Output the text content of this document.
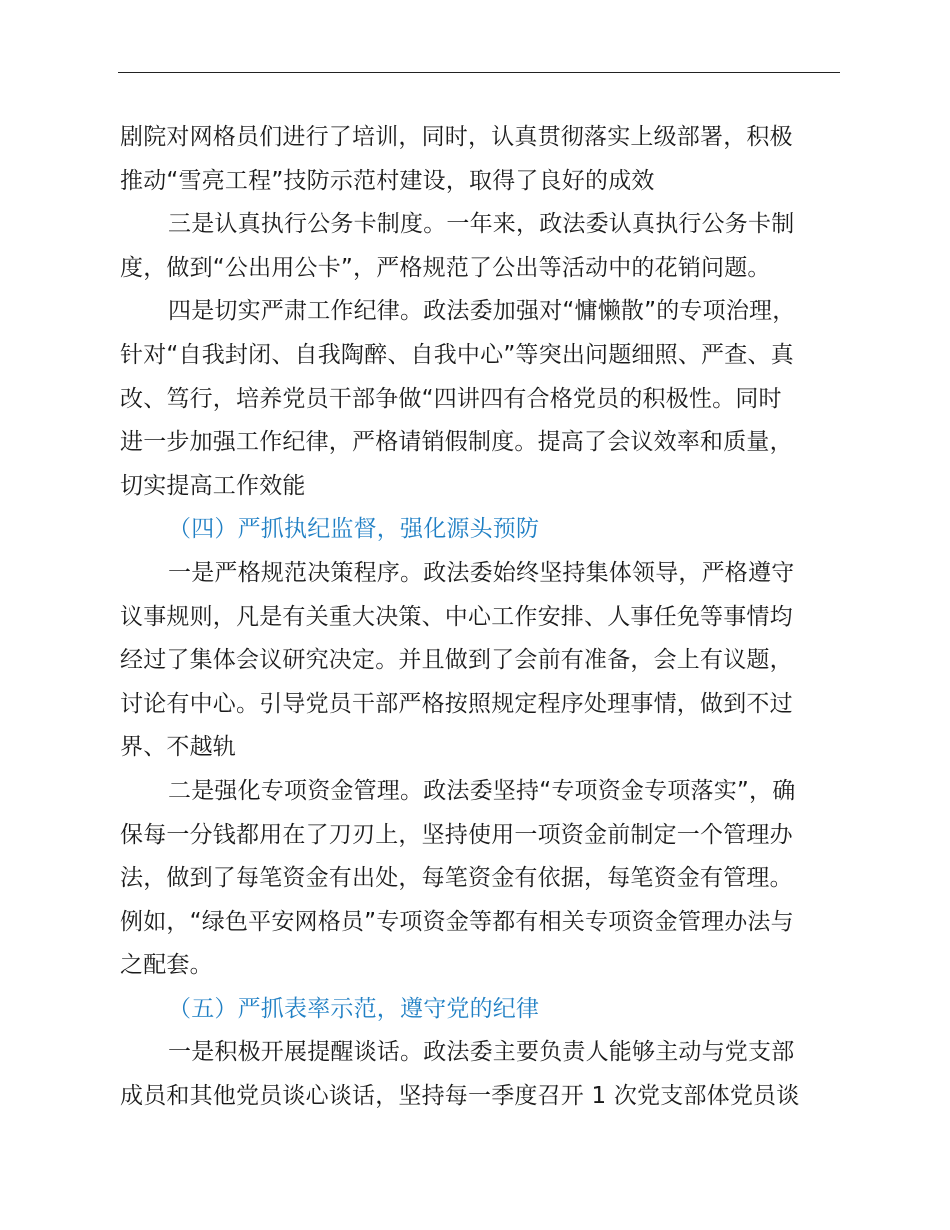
剧院对网格员们进行了培训，同时，认真贯彻落实上级部署，积极
推动“雪亮工程”技防示范村建设，取得了良好的成效
三是认真执行公务卡制度。一年来，政法委认真执行公务卡制
度，做到“公出用公卡”，严格规范了公出等活动中的花销问题。
四是切实严肃工作纪律。政法委加强对“慵懒散”的专项治理，
针对“自我封闭、自我陶醉、自我中心”等突出问题细照、严查、真
改、笃行，培养党员干部争做“四讲四有合格党员的积极性。同时
进一步加强工作纪律，严格请销假制度。提高了会议效率和质量，
切实提高工作效能
（四）严抓执纪监督，强化源头预防
一是严格规范决策程序。政法委始终坚持集体领导，严格遵守
议事规则，凡是有关重大决策、中心工作安排、人事任免等事情均
经过了集体会议研究决定。并且做到了会前有准备，会上有议题，
讨论有中心。引导党员干部严格按照规定程序处理事情，做到不过
界、不越轨
二是强化专项资金管理。政法委坚持“专项资金专项落实”，确
保每一分钱都用在了刀刃上，坚持使用一项资金前制定一个管理办
法，做到了每笔资金有出处，每笔资金有依据，每笔资金有管理。
例如，“绿色平安网格员”专项资金等都有相关专项资金管理办法与
之配套。
（五）严抓表率示范，遵守党的纪律
一是积极开展提醒谈话。政法委主要负责人能够主动与党支部
成员和其他党员谈心谈话，坚持每一季度召开 1 次党支部体党员谈
